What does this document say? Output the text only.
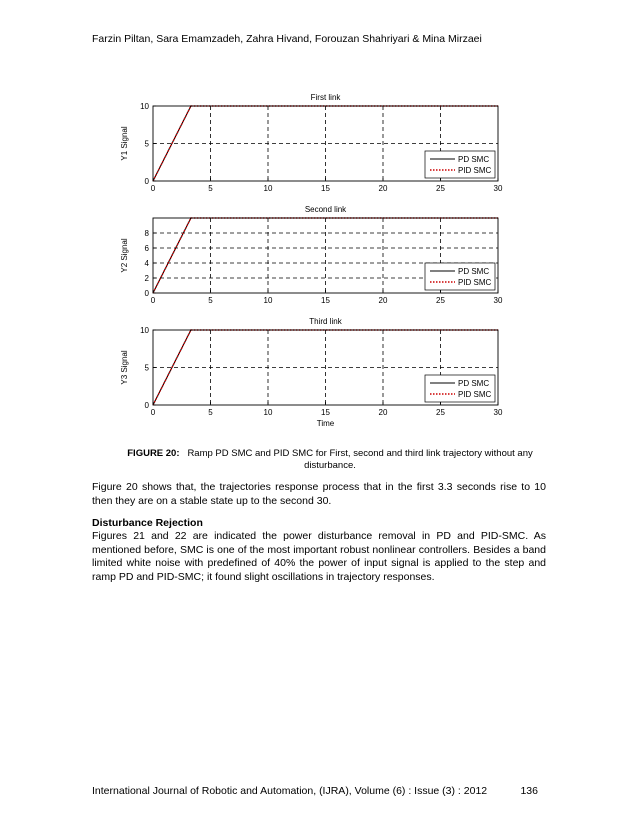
Farzin Piltan, Sara Emamzadeh, Zahra Hivand, Forouzan Shahriyari & Mina Mirzaei
First link
0	5	10	15	20	25	30
0
5
10
Y1 Signal	PD SMC
PID SMC
Second link
0	5	10	15	20	25	30
0
2
4
6
8
Y2 Signal	PD SMC
PID SMC
Third link
0	5	10	15	20	25	30
0
5
10
Y3 Signal
Time
PD SMC
PID SMC
FIGURE 20: Ramp PD SMC and PID SMC for First, second and third link trajectory without any disturbance.
Figure 20 shows that, the trajectories response process that in the first 3.3 seconds rise to 10 then they are on a stable state up to the second 30.
Disturbance Rejection
Figures 21 and 22 are indicated the power disturbance removal in PD and PID-SMC. As mentioned before, SMC is one of the most important robust nonlinear controllers. Besides a band limited white noise with predefined of 40% the power of input signal is applied to the step and ramp PD and PID-SMC; it found slight oscillations in trajectory responses.
International Journal of Robotic and Automation, (IJRA), Volume (6) : Issue (3) : 2012	136
